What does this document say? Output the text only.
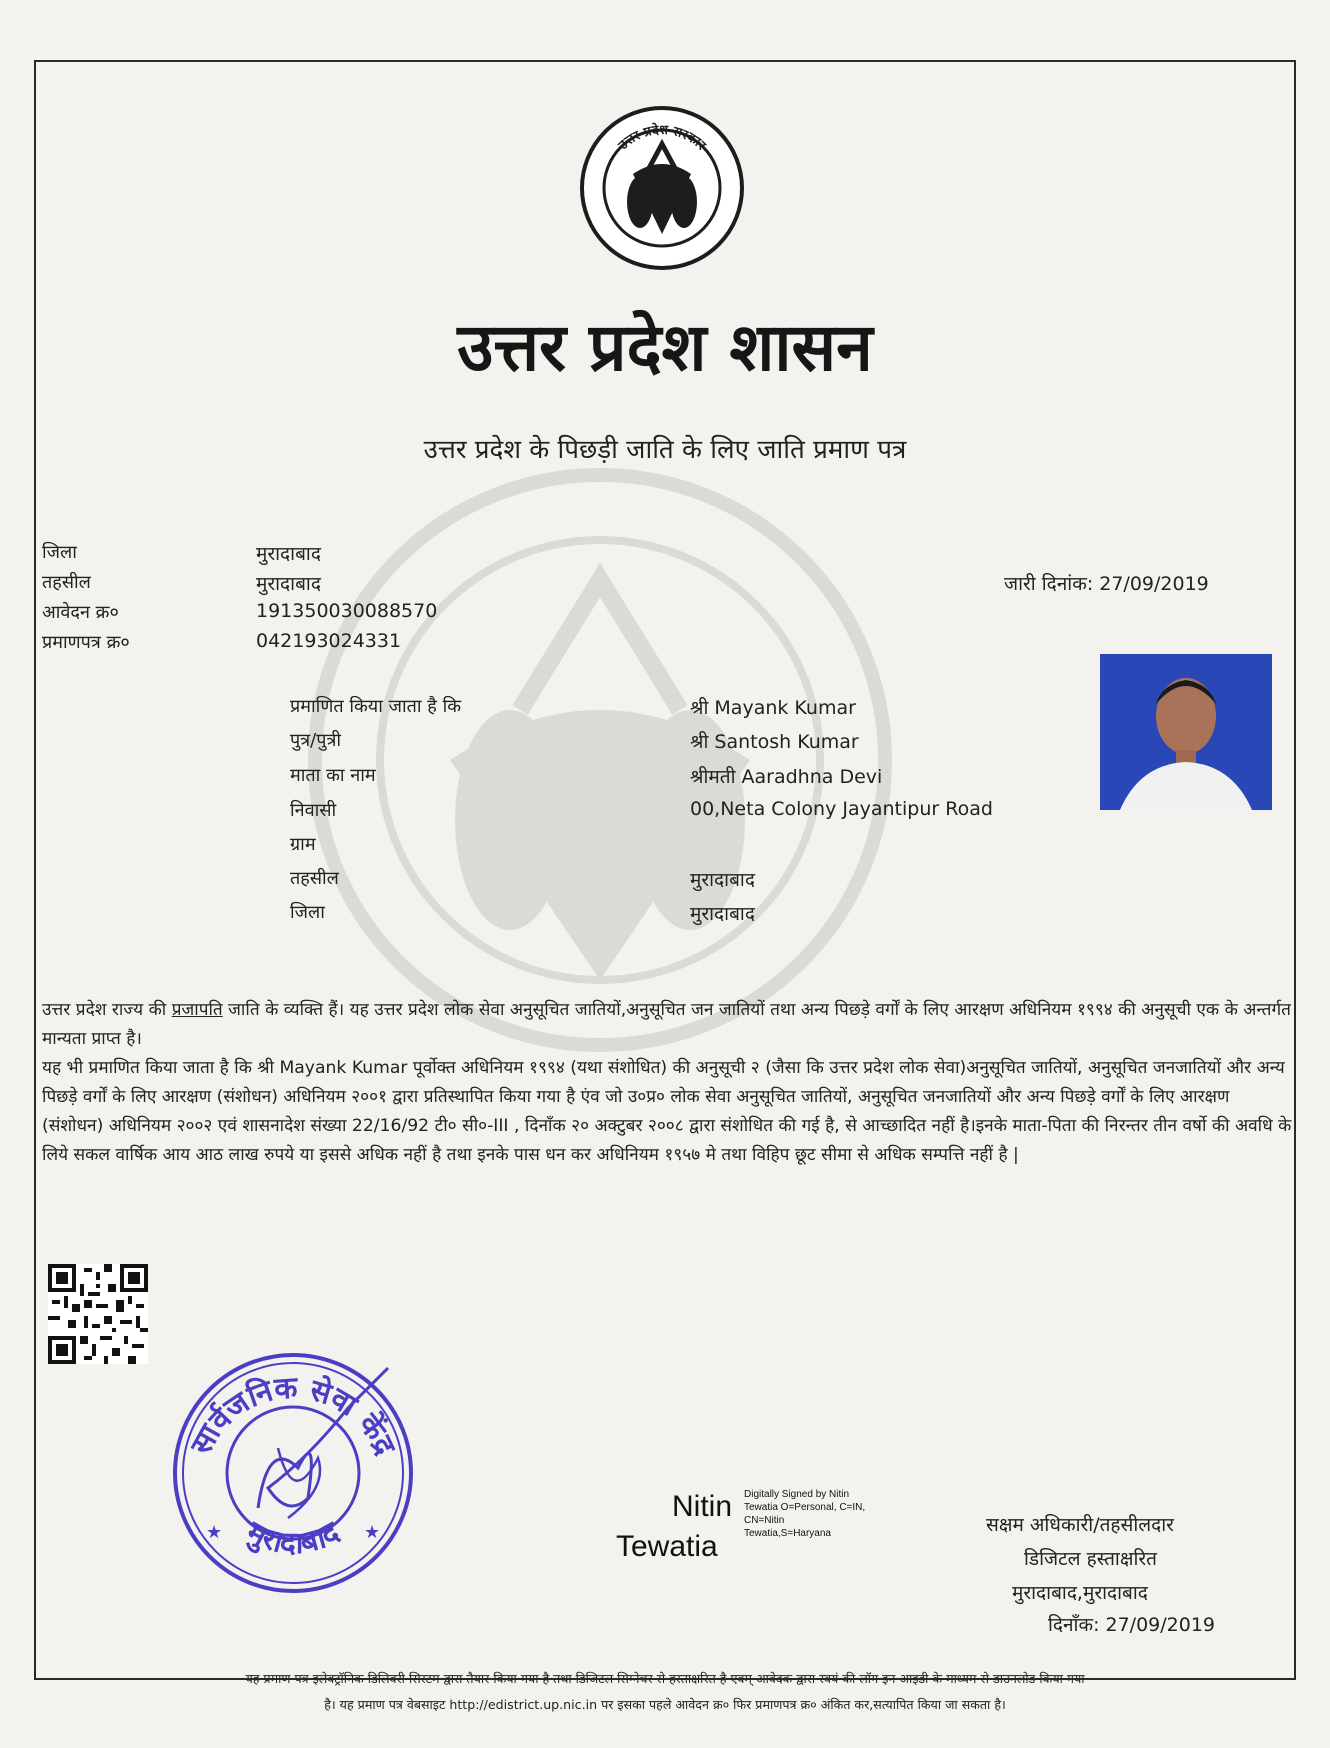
उत्तर प्रदेश सरकार
उत्तर प्रदेश शासन
उत्तर प्रदेश के पिछड़ी जाति के लिए जाति प्रमाण पत्र
जिला	मुरादाबाद
तहसील	मुरादाबाद
आवेदन क्र०	191350030088570
प्रमाणपत्र क्र०	042193024331
जारी दिनांक: 27/09/2019
प्रमाणित किया जाता है कि	श्री Mayank Kumar
पुत्र/पुत्री	श्री Santosh Kumar
माता का नाम	श्रीमती Aaradhna Devi
निवासी	00,Neta Colony Jayantipur Road
ग्राम
तहसील	मुरादाबाद
जिला	मुरादाबाद
उत्तर प्रदेश राज्य की प्रजापति जाति के व्यक्ति हैं। यह उत्तर प्रदेश लोक सेवा अनुसूचित जातियों,अनुसूचित जन जातियों तथा अन्य पिछड़े वर्गों के लिए आरक्षण अधिनियम १९९४ की अनुसूची एक के अन्तर्गत मान्यता प्राप्त है।
यह भी प्रमाणित किया जाता है कि श्री Mayank Kumar पूर्वोक्त अधिनियम १९९४ (यथा संशोधित) की अनुसूची २ (जैसा कि उत्तर प्रदेश लोक सेवा)अनुसूचित जातियों, अनुसूचित जनजातियों और अन्य पिछड़े वर्गों के लिए आरक्षण (संशोधन) अधिनियम २००१ द्वारा प्रतिस्थापित किया गया है एंव जो उ०प्र० लोक सेवा अनुसूचित जातियों, अनुसूचित जनजातियों और अन्य पिछड़े वर्गों के लिए आरक्षण (संशोधन) अधिनियम २००२ एवं शासनादेश संख्या 22/16/92 टी० सी०-III , दिनाँक २० अक्टुबर २००८ द्वारा संशोधित की गई है, से आच्छादित नहीं है।इनके माता-पिता की निरन्तर तीन वर्षो की अवधि के लिये सकल वार्षिक आय आठ लाख रुपये या इससे अधिक नहीं है तथा इनके पास धन कर अधिनियम १९५७ मे तथा विहिप छूट सीमा से अधिक सम्पत्ति नहीं है |
सार्वजनिक सेवा केंद्र
मुरादाबाद
★	★
Nitin
Tewatia
Digitally Signed by Nitin
Tewatia O=Personal, C=IN,
CN=Nitin
Tewatia,S=Haryana	सक्षम अधिकारी/तहसीलदार
डिजिटल हस्ताक्षरित
मुरादाबाद,मुरादाबाद
दिनाँक: 27/09/2019
यह प्रमाण पत्र इलेक्ट्रॉनिक डिलिवरी सिस्टम द्वारा तैयार किया गया है तथा डिजिटल सिग्नेचर से हस्ताक्षरित है एवम् आवेदक द्वारा स्वयं की लॉग इन आइडी के माध्यम से डाउनलोड किया गया
है। यह प्रमाण पत्र वेबसाइट http://edistrict.up.nic.in पर इसका पहले आवेदन क्र० फिर प्रमाणपत्र क्र० अंकित कर,सत्यापित किया जा सकता है।
